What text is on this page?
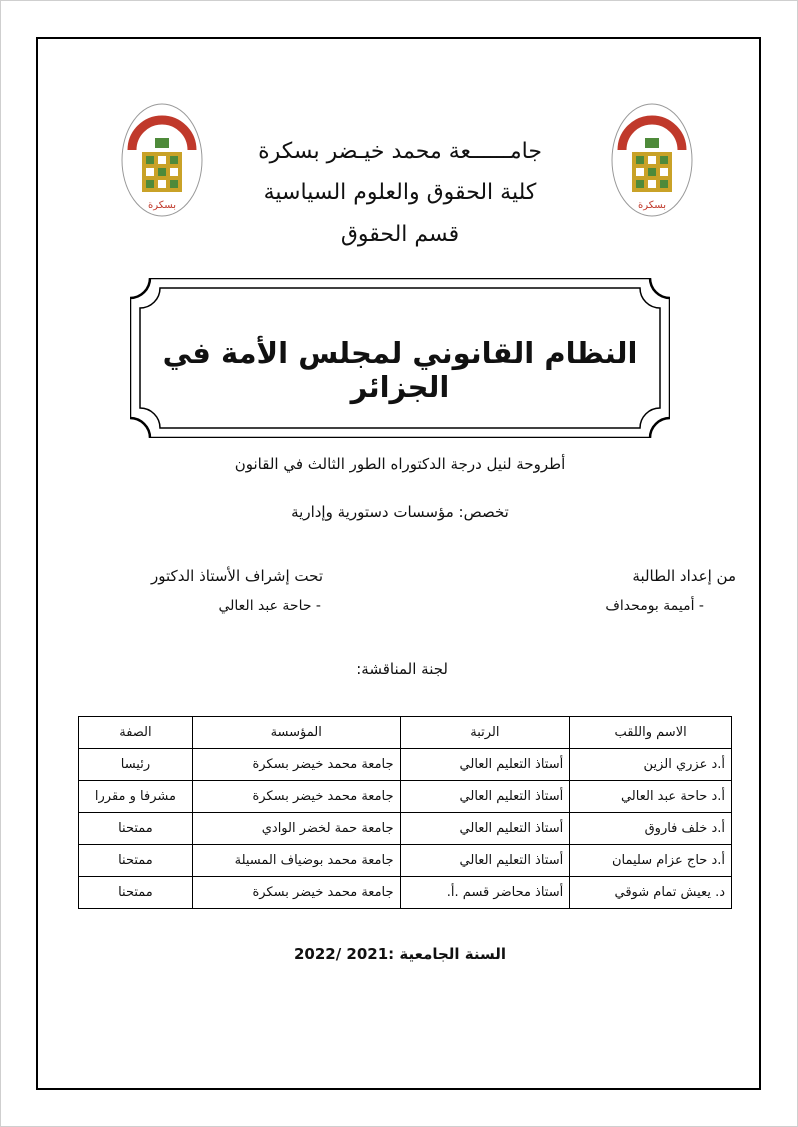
بسكرة
بسكرة
جامــــــعة محمد خيـضر بسكرة
كلية الحقوق والعلوم السياسية
قسم الحقوق
النظام القانوني لمجلس الأمة في الجزائر
أطروحة لنيل درجة الدكتوراه الطور الثالث في القانون
تخصص: مؤسسات دستورية وإدارية
من إعداد الطالبة
- أميمة بومحداف
تحت إشراف الأستاذ الدكتور
- حاحة عبد العالي
لجنة المناقشة:
الاسم واللقب	الرتبة	المؤسسة	الصفة
أ.د عزري الزين	أستاذ التعليم العالي	جامعة محمد خيضر بسكرة	رئيسا
أ.د حاحة عبد العالي	أستاذ التعليم العالي	جامعة محمد خيضر بسكرة	مشرفا و مقررا
أ.د خلف فاروق	أستاذ التعليم العالي	جامعة حمة لخضر الوادي	ممتحنا
أ.د حاج عزام سليمان	أستاذ التعليم العالي	جامعة محمد بوضياف المسيلة	ممتحنا
د. يعيش تمام شوقي	أستاذ محاضر قسم .أ.	جامعة محمد خيضر بسكرة	ممتحنا
السنة الجامعية :2021 /2022
